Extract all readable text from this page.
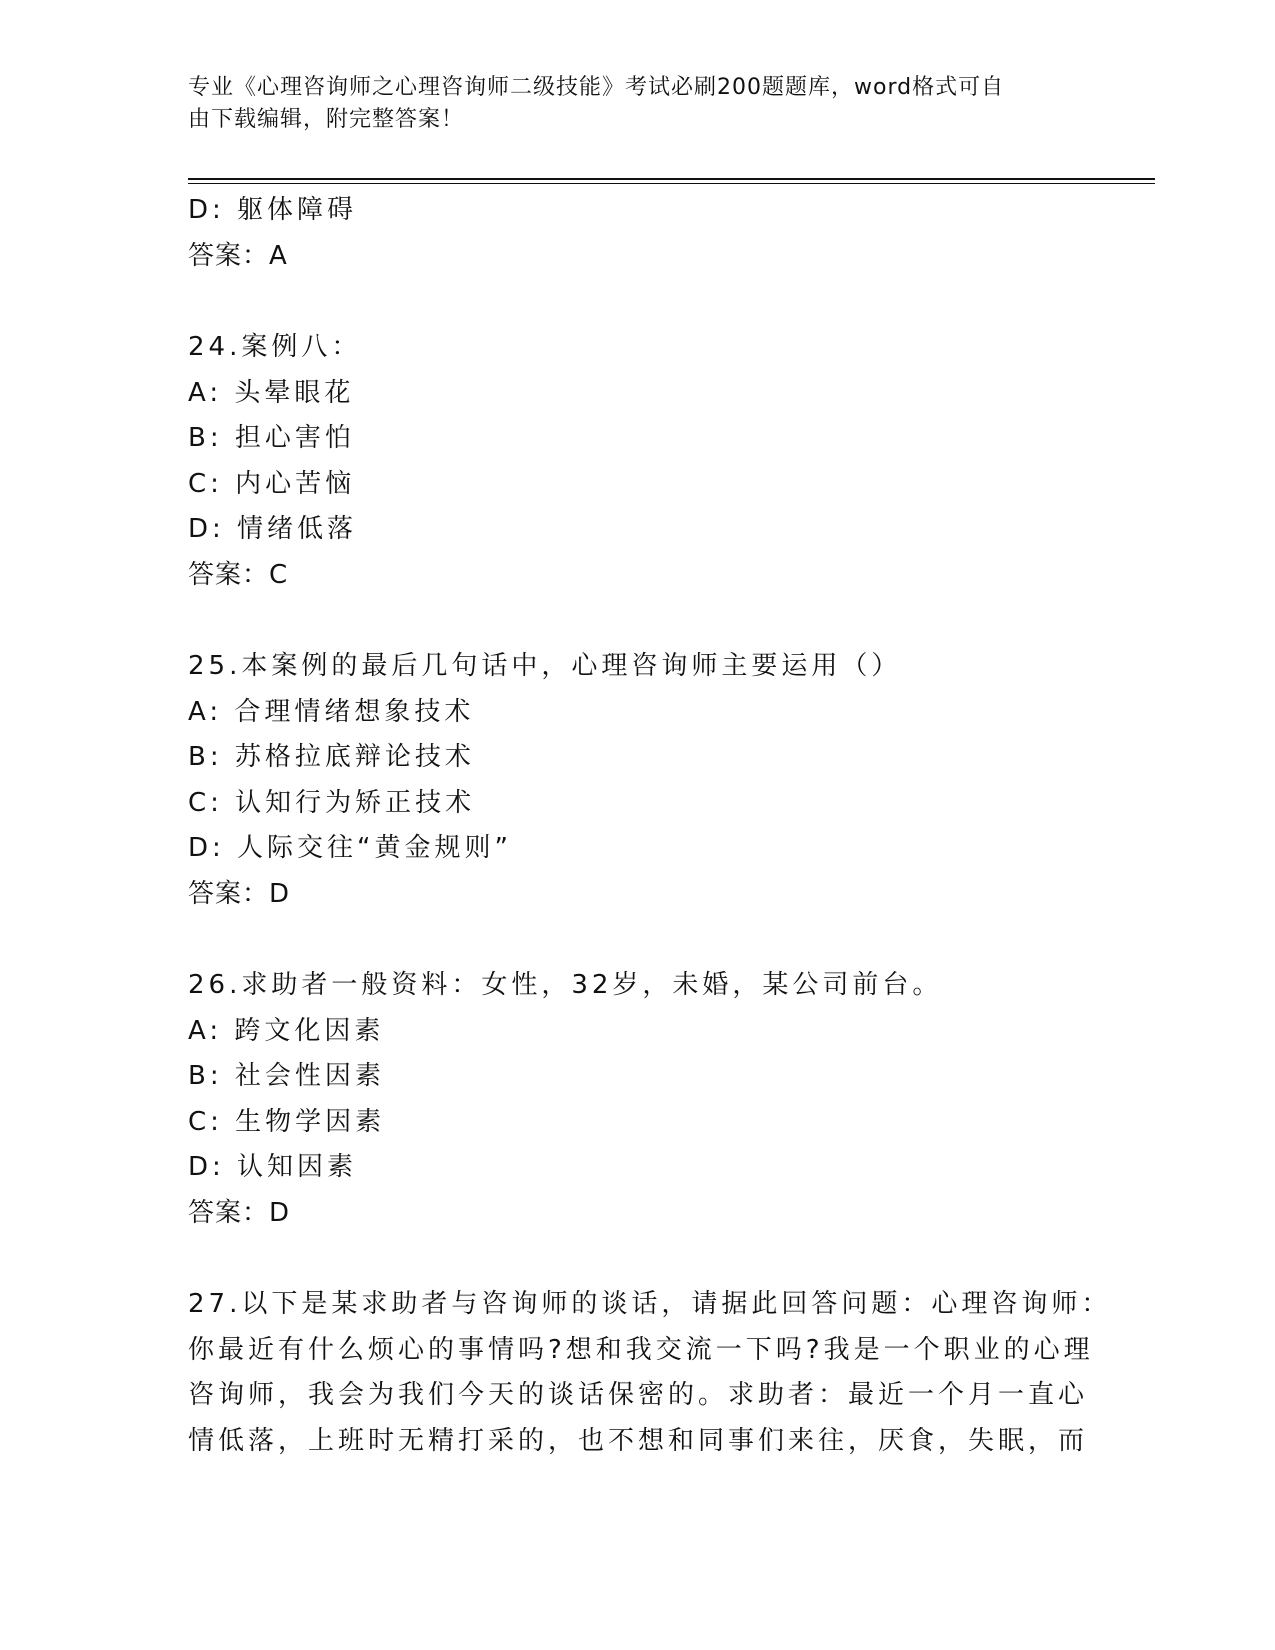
专业《心理咨询师之心理咨询师二级技能》考试必刷200题题库，word格式可自
由下载编辑，附完整答案！
D: 躯体障碍
答案：A
24.案例八：
A: 头晕眼花
B: 担心害怕
C: 内心苦恼
D: 情绪低落
答案：C
25.本案例的最后几句话中，心理咨询师主要运用（）
A: 合理情绪想象技术
B: 苏格拉底辩论技术
C: 认知行为矫正技术
D: 人际交往“黄金规则”
答案：D
26.求助者一般资料：女性，32岁，未婚，某公司前台。
A: 跨文化因素
B: 社会性因素
C: 生物学因素
D: 认知因素
答案：D
27.以下是某求助者与咨询师的谈话，请据此回答问题：心理咨询师：
你最近有什么烦心的事情吗?想和我交流一下吗?我是一个职业的心理
咨询师，我会为我们今天的谈话保密的。求助者：最近一个月一直心
情低落，上班时无精打采的，也不想和同事们来往，厌食，失眠，而
